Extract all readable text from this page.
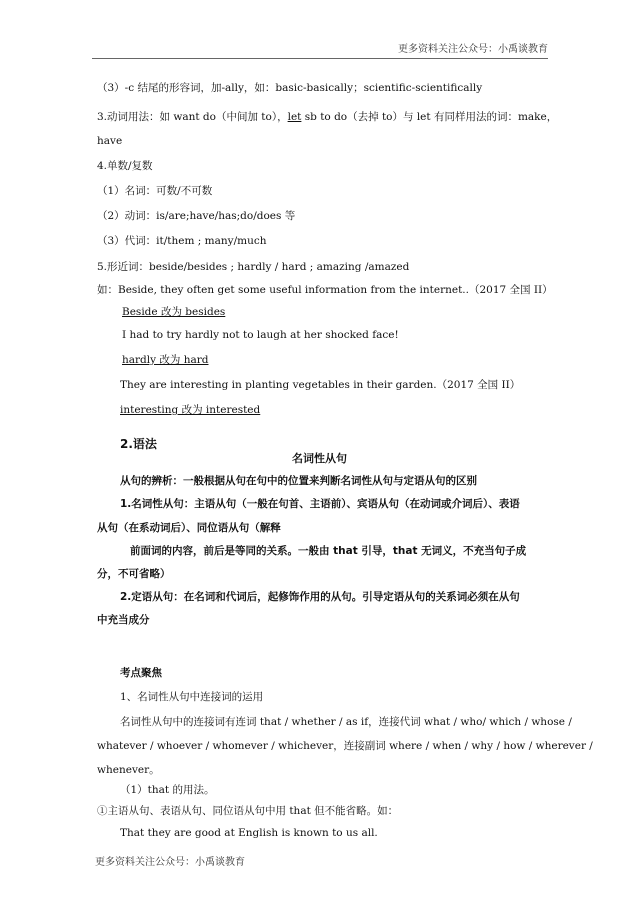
更多资料关注公众号：小禹谈教育
（3）-c 结尾的形容词，加-ally，如：basic-basically；scientific-scientifically
3.动词用法：如 want do（中间加 to），let sb to do（去掉 to）与 let 有同样用法的词：make，
have
4.单数/复数
（1）名词：可数/不可数
（2）动词：is/are;have/has;do/does 等
（3）代词：it/them ; many/much
5.形近词：beside/besides ; hardly / hard ; amazing /amazed
如：Beside, they often get some useful information from the internet..（2017 全国 II）
Beside 改为 besides
I had to try hardly not to laugh at her shocked face!
hardly 改为 hard
They are interesting in planting vegetables in their garden.（2017 全国 II）
interesting 改为 interested
2.语法
名词性从句
从句的辨析：一般根据从句在句中的位置来判断名词性从句与定语从句的区别
1.名词性从句：主语从句（一般在句首、主语前）、宾语从句（在动词或介词后）、表语
从句（在系动词后）、同位语从句（解释
前面词的内容，前后是等同的关系。一般由 that 引导，that 无词义，不充当句子成
分，不可省略）
2.定语从句：在名词和代词后，起修饰作用的从句。引导定语从句的关系词必须在从句
中充当成分
考点聚焦
1、名词性从句中连接词的运用
名词性从句中的连接词有连词 that / whether / as if，连接代词 what / who/ which / whose /
whatever / whoever / whomever / whichever，连接副词 where / when / why / how / wherever /
whenever。
（1）that 的用法。
①主语从句、表语从句、同位语从句中用 that 但不能省略。如：
That they are good at English is known to us all.
更多资料关注公众号：小禹谈教育
